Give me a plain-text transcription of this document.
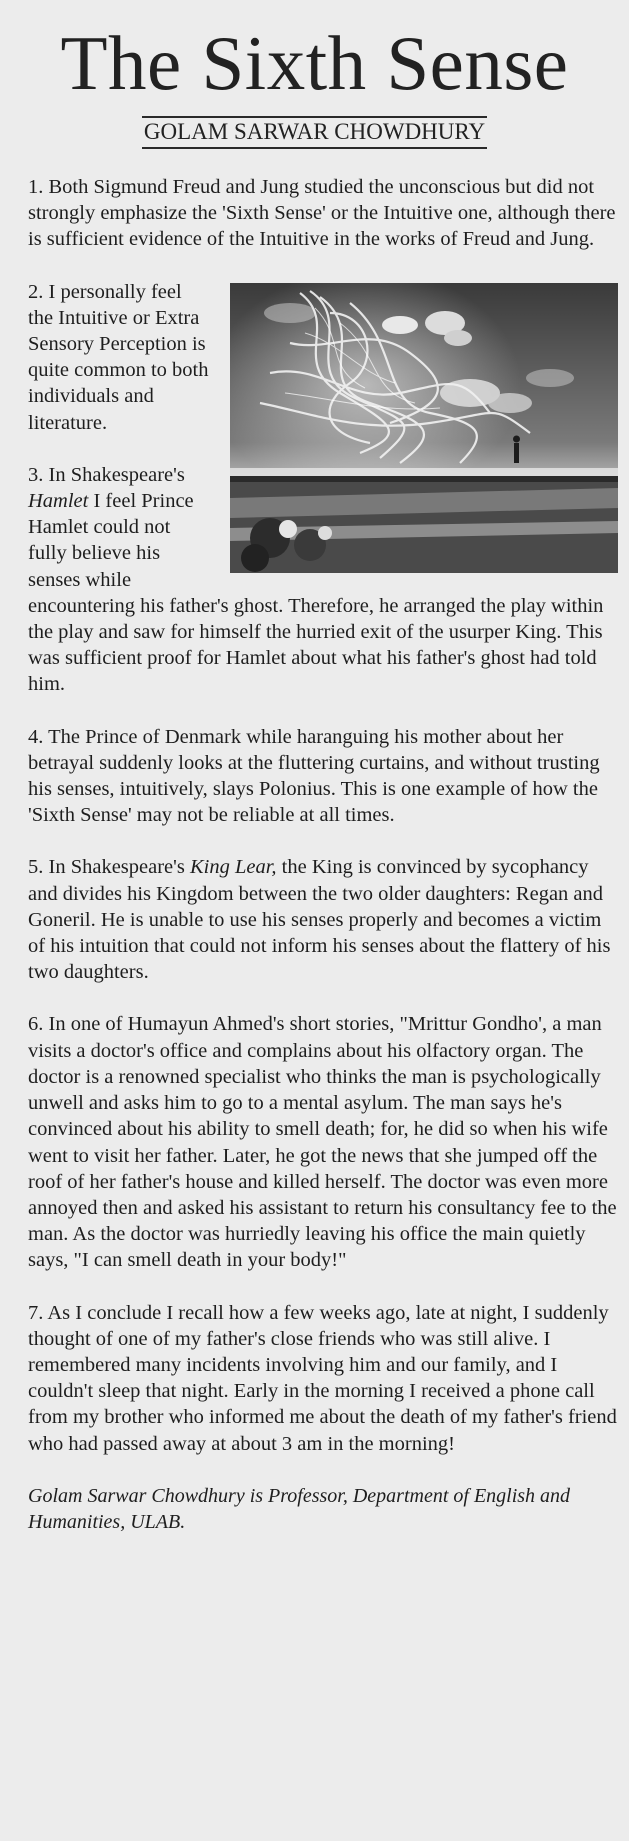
The Sixth Sense
GOLAM SARWAR CHOWDHURY

1. Both Sigmund Freud and Jung studied the unconscious but did not strongly emphasize the 'Sixth Sense' or the Intuitive one, although there is sufficient evidence of the Intuitive in the works of Freud and Jung.

2. I personally feel the Intuitive or Extra Sensory Perception is quite common to both individuals and literature.

3. In Shakespeare's Hamlet I feel Prince Hamlet could not fully believe his senses while encountering his father's ghost. Therefore, he arranged the play within the play and saw for himself the hurried exit of the usurper King. This was sufficient proof for Hamlet about what his father's ghost had told him.

4. The Prince of Denmark while haranguing his mother about her betrayal suddenly looks at the fluttering curtains, and without trusting his senses, intuitively, slays Polonius. This is one example of how the 'Sixth Sense' may not be reliable at all times.

5. In Shakespeare's King Lear, the King is convinced by sycophancy and divides his Kingdom between the two older daughters: Regan and Goneril. He is unable to use his senses properly and becomes a victim of his intuition that could not inform his senses about the flattery of his two daughters.

6. In one of Humayun Ahmed's short stories, "Mrittur Gondho', a man visits a doctor's office and complains about his olfactory organ. The doctor is a renowned specialist who thinks the man is psychologically unwell and asks him to go to a mental asylum. The man says he's convinced about his ability to smell death; for, he did so when his wife went to visit her father. Later, he got the news that she jumped off the roof of her father's house and killed herself. The doctor was even more annoyed then and asked his assistant to return his consultancy fee to the man. As the doctor was hurriedly leaving his office the main quietly says, "I can smell death in your body!"

7. As I conclude I recall how a few weeks ago, late at night, I suddenly thought of one of my father's close friends who was still alive. I remembered many incidents involving him and our family, and I couldn't sleep that night. Early in the morning I received a phone call from my brother who informed me about the death of my father's friend who had passed away at about 3 am in the morning!

Golam Sarwar Chowdhury is Professor, Department of English and Humanities, ULAB.
